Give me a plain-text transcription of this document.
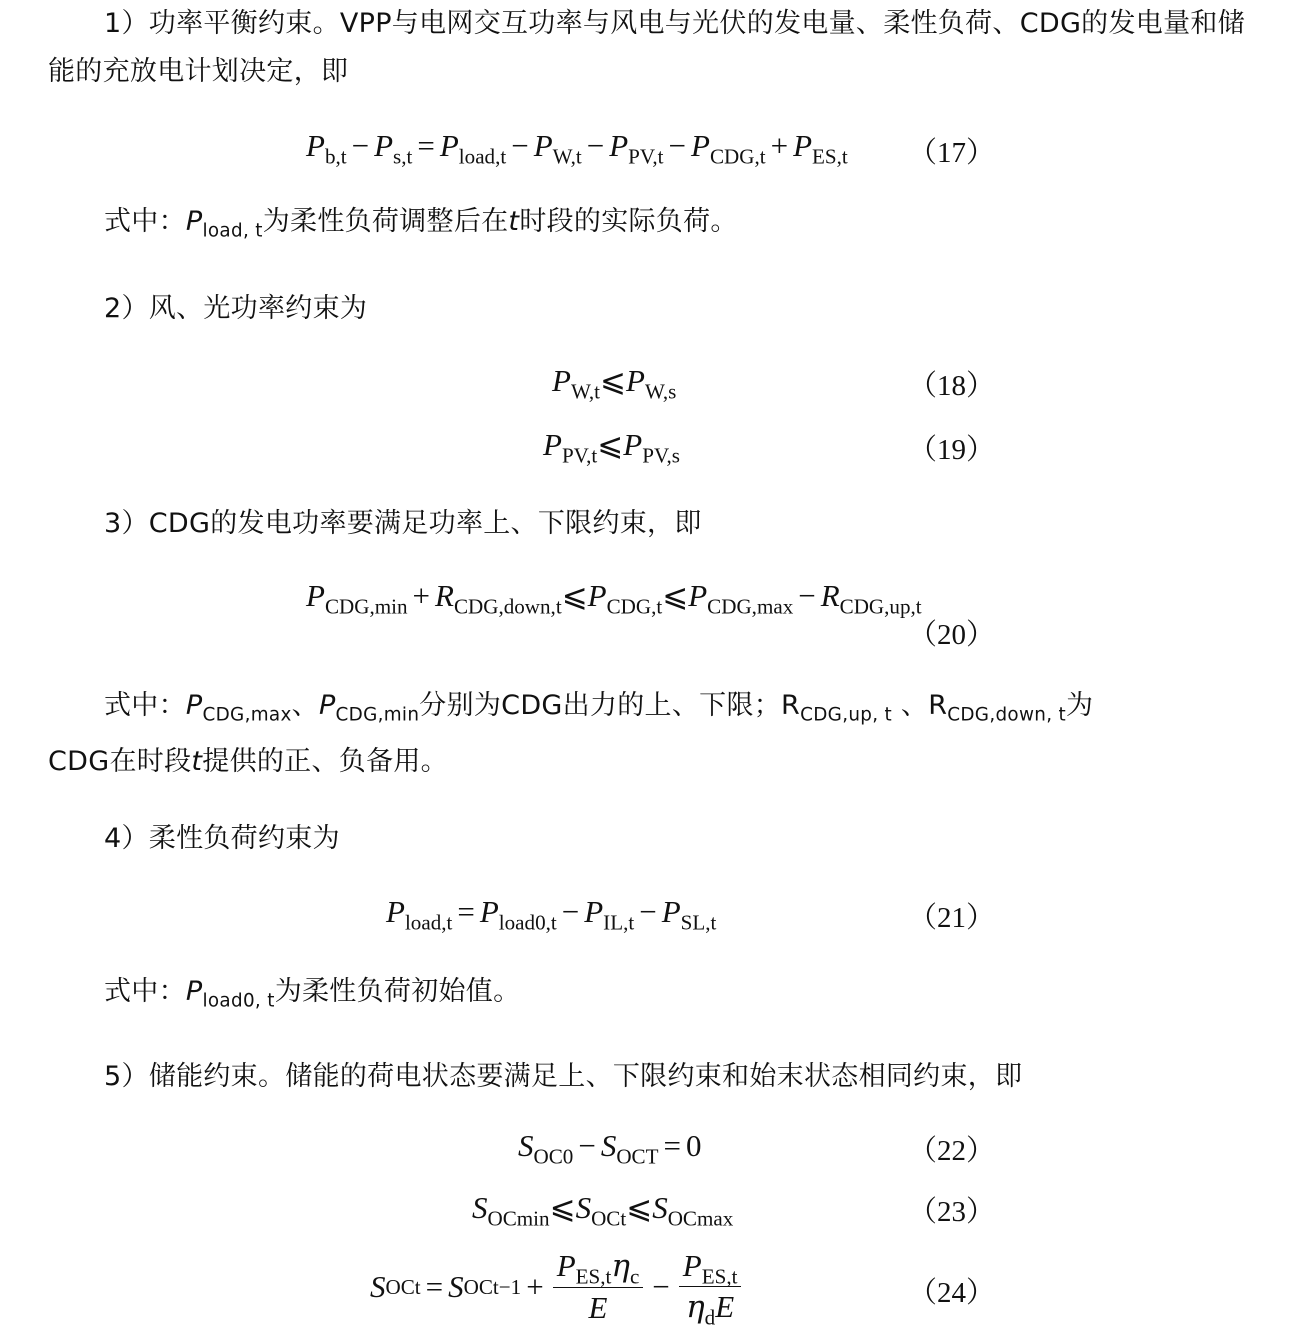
1）功率平衡约束。VPP与电网交互功率与风电与光伏的发电量、柔性负荷、CDG的发电量和储能的充放电计划决定，即
$P_{b,t} - P_{s,t} = P_{load,t} - P_{W,t} - P_{PV,t} - P_{CDG,t} + P_{ES,t}$ （17）
式中：$P_{load, t}$为柔性负荷调整后在t时段的实际负荷。
2）风、光功率约束为
$P_{W,t}⩽P_{W,s}$	（18）
$P_{PV,t}⩽P_{PV,s}$	（19）
3）CDG的发电功率要满足功率上、下限约束，即
$P_{CDG,min}$ + $R_{CDG,down,t}⩽P_{CDG,t}⩽P_{CDG,max} - R_{CDG,up,t}$
（20）
式中：$P_{CDG,max}$、$P_{CDG,min}$分别为CDG出力的上、下限；$R_{CDG,up, t}$ 、$R_{CDG,down, t}$为
CDG在时段t提供的正、负备用。
4）柔性负荷约束为
$P_{load,t} = P_{load0,t} - P_{IL,t} - P_{SL,t}$	（21）
式中：$P_{load0, t}$为柔性负荷初始值。
5）储能约束。储能的荷电状态要满足上、下限约束和始末状态相同约束，即
$S_{OC0} - S_{OCT} = 0$	（22）
$S_{OCmin}⩽S_{OCt}⩽S_{OCmax}$	（23）
S OCt = S $OCt-1 + \frac{P_{ES,t}\eta_c}{E} - \frac{P_{ES,t}}{\eta_dE}$	（24）
